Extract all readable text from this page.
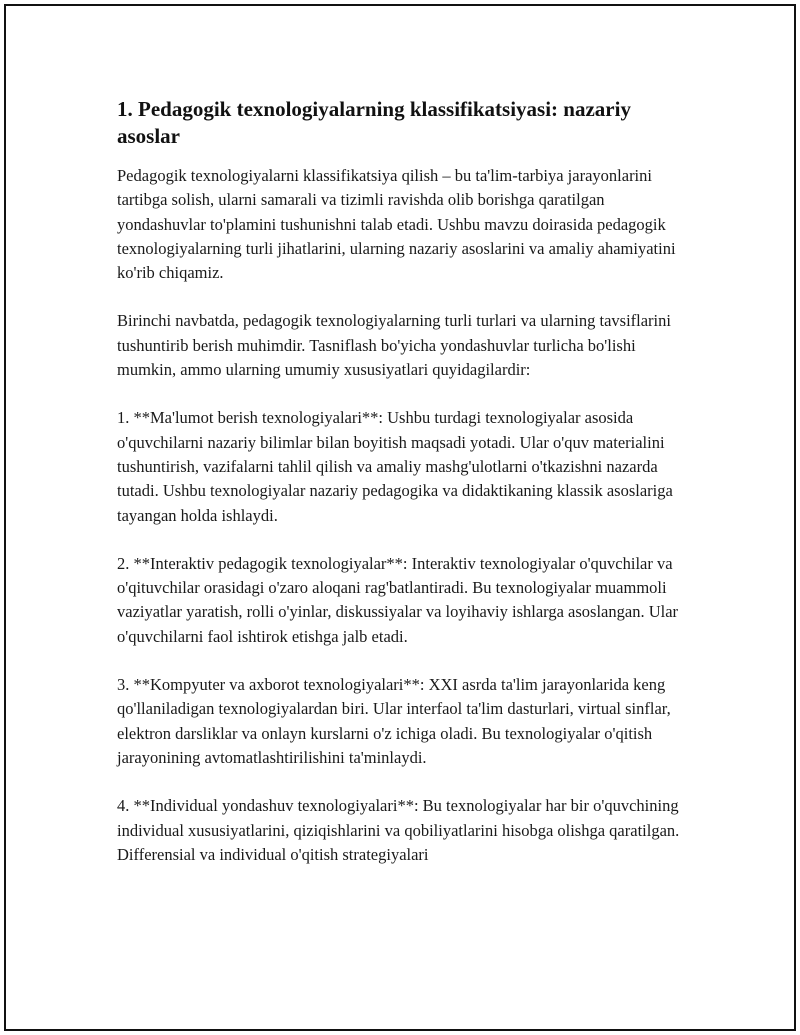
1. Pedagogik texnologiyalarning klassifikatsiyasi: nazariy asoslar

Pedagogik texnologiyalarni klassifikatsiya qilish – bu ta'lim-tarbiya jarayonlarini tartibga solish, ularni samarali va tizimli ravishda olib borishga qaratilgan yondashuvlar to'plamini tushunishni talab etadi. Ushbu mavzu doirasida pedagogik texnologiyalarning turli jihatlarini, ularning nazariy asoslarini va amaliy ahamiyatini ko'rib chiqamiz.

Birinchi navbatda, pedagogik texnologiyalarning turli turlari va ularning tavsiflarini tushuntirib berish muhimdir. Tasniflash bo'yicha yondashuvlar turlicha bo'lishi mumkin, ammo ularning umumiy xususiyatlari quyidagilardir:

1. **Ma'lumot berish texnologiyalari**: Ushbu turdagi texnologiyalar asosida o'quvchilarni nazariy bilimlar bilan boyitish maqsadi yotadi. Ular o'quv materialini tushuntirish, vazifalarni tahlil qilish va amaliy mashg'ulotlarni o'tkazishni nazarda tutadi. Ushbu texnologiyalar nazariy pedagogika va didaktikaning klassik asoslariga tayangan holda ishlaydi.

2. **Interaktiv pedagogik texnologiyalar**: Interaktiv texnologiyalar o'quvchilar va o'qituvchilar orasidagi o'zaro aloqani rag'batlantiradi. Bu texnologiyalar muammoli vaziyatlar yaratish, rolli o'yinlar, diskussiyalar va loyihaviy ishlarga asoslangan. Ular o'quvchilarni faol ishtirok etishga jalb etadi.

3. **Kompyuter va axborot texnologiyalari**: XXI asrda ta'lim jarayonlarida keng qo'llaniladigan texnologiyalardan biri. Ular interfaol ta'lim dasturlari, virtual sinflar, elektron darsliklar va onlayn kurslarni o'z ichiga oladi. Bu texnologiyalar o'qitish jarayonining avtomatlashtirilishini ta'minlaydi.

4. **Individual yondashuv texnologiyalari**: Bu texnologiyalar har bir o'quvchining individual xususiyatlarini, qiziqishlarini va qobiliyatlarini hisobga olishga qaratilgan. Differensial va individual o'qitish strategiyalari
